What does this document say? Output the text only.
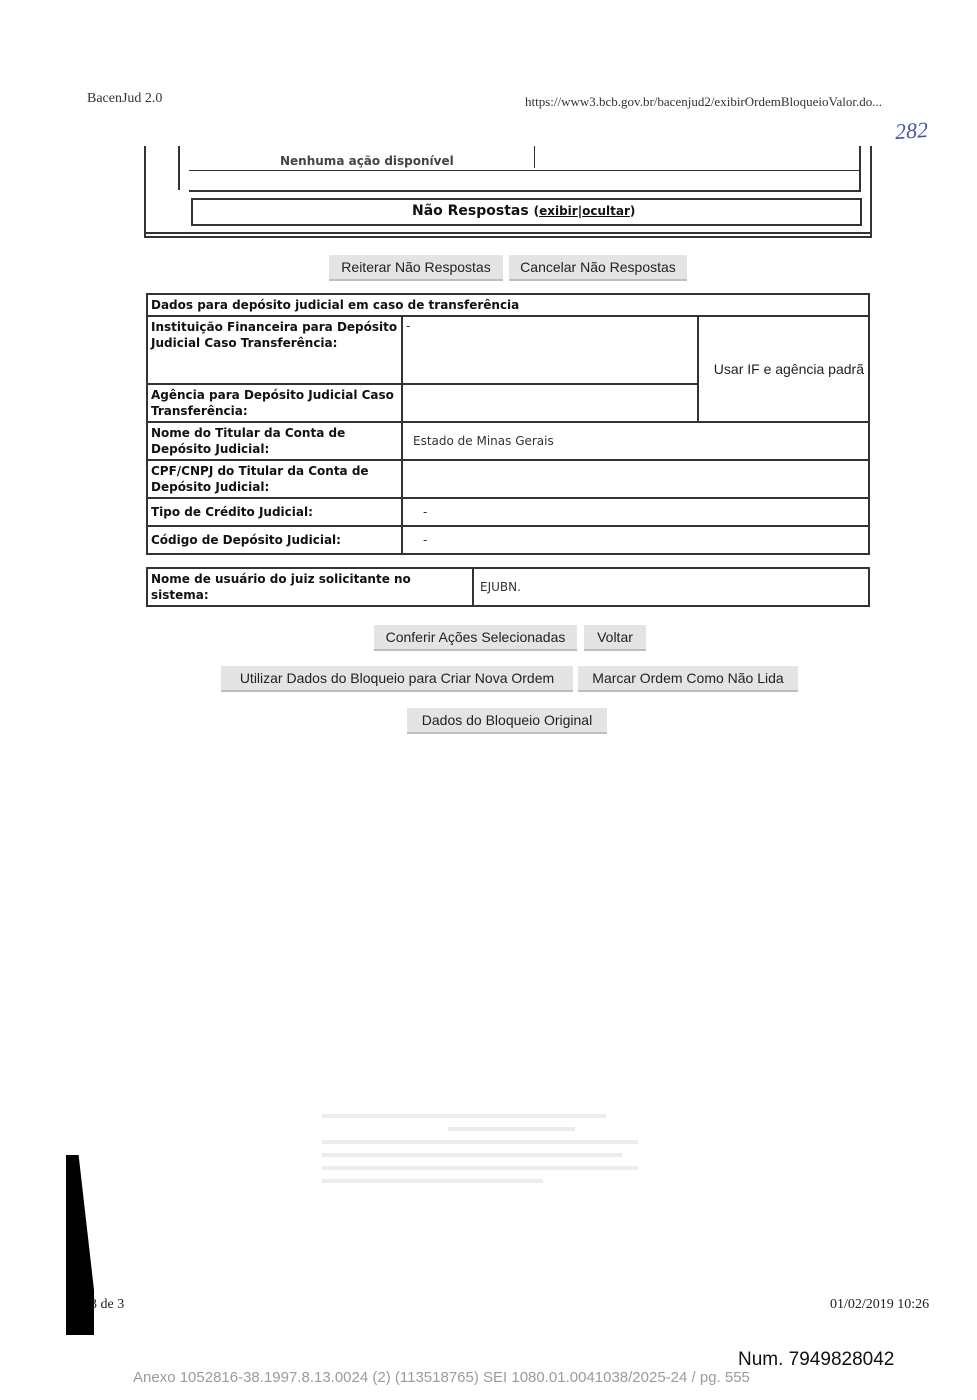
BacenJud 2.0	https://www3.bcb.gov.br/bacenjud2/exibirOrdemBloqueioValor.do...
282
Nenhuma ação disponível
Não Respostas (exibir|ocultar)
Reiterar Não Respostas	Cancelar Não Respostas
Dados para depósito judicial em caso de transferência		
Instituição Financeira para Depósito Judicial Caso Transferência:	-	Usar IF e agência padrã
Agência para Depósito Judicial Caso Transferência:		
Nome do Titular da Conta de Depósito Judicial:	Estado de Minas Gerais	
CPF/CNPJ do Titular da Conta de Depósito Judicial:		
Tipo de Crédito Judicial:	-	
Código de Depósito Judicial:	-	
Nome de usuário do juiz solicitante no sistema:	EJUBN.
Conferir Ações Selecionadas	Voltar
Utilizar Dados do Bloqueio para Criar Nova Ordem	Marcar Ordem Como Não Lida
Dados do Bloqueio Original
3 de 3	01/02/2019 10:26
Num. 7949828042
Anexo 1052816-38.1997.8.13.0024 (2) (113518765) SEI 1080.01.0041038/2025-24 / pg. 555
